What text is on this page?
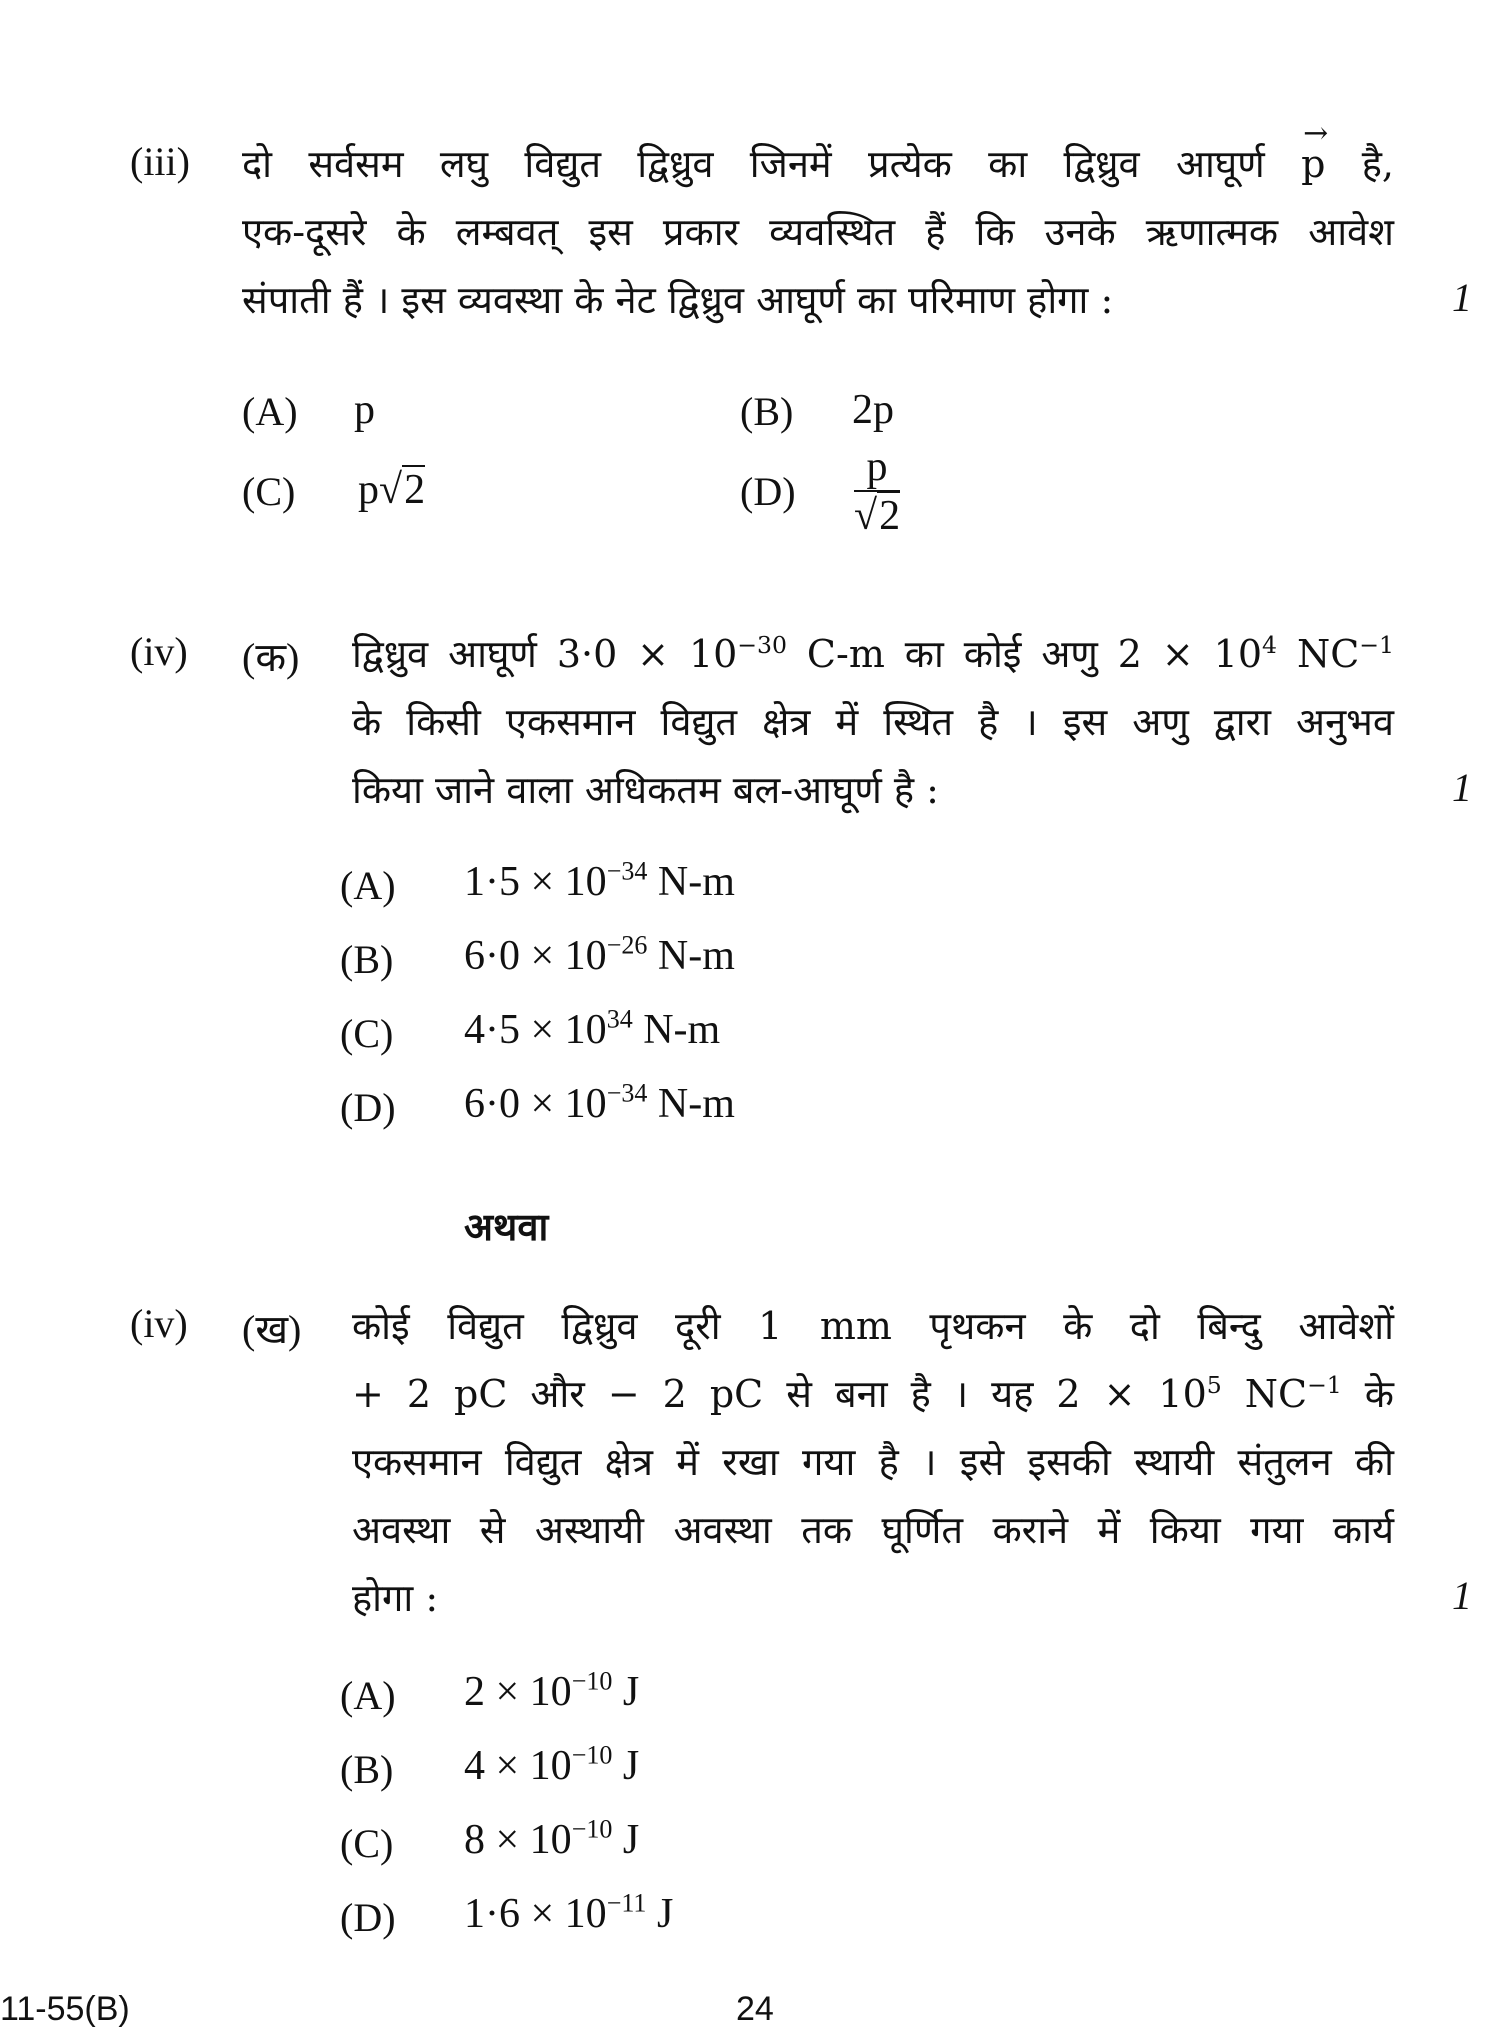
(iii) दो सर्वसम लघु विद्युत द्विध्रुव जिनमें प्रत्येक का द्विध्रुव आघूर्ण
→
p है,
एक-दूसरे के लम्बवत् इस प्रकार व्यवस्थित हैं कि उनके ऋणात्मक आवेश
संपाती हैं । इस व्यवस्था के नेट द्विध्रुव आघूर्ण का परिमाण होगा :	1
(A) p	(B) 2p
(C) p√2	$(D) \frac{p}{√2}$
(iv) (क) द्विध्रुव आघूर्ण $3\cdot 0 \times 10^{-30}$ C-m का कोई अणु $2 \times 10^4$ $NC^{-1}$
के किसी एकसमान विद्युत क्षेत्र में स्थित है । इस अणु द्वारा अनुभव
किया जाने वाला अधिकतम बल-आघूर्ण है :	1
(A) $1\cdot 5 \times 10^{-34}$ N-m
(B) $6\cdot 0 \times 10^{-26}$ N-m
(C) $4\cdot 5 \times 10^{34}$ N-m
(D) $6\cdot 0 \times 10^{-34}$ N-m
अथवा
(iv) (ख) कोई विद्युत द्विध्रुव दूरी 1 mm पृथकन के दो बिन्दु आवेशों
+ 2 pC और − 2 pC से बना है । यह $2 \times 10^5$ $NC^{-1}$ के
एकसमान विद्युत क्षेत्र में रखा गया है । इसे इसकी स्थायी संतुलन की
अवस्था से अस्थायी अवस्था तक घूर्णित कराने में किया गया कार्य
होगा :	1
(A) $2 \times 10^{-10}$ J
(B) $4 \times 10^{-10}$ J
(C) $8 \times 10^{-10}$ J
(D) $1\cdot 6 \times 10^{-11}$ J
11-55(B)	24
